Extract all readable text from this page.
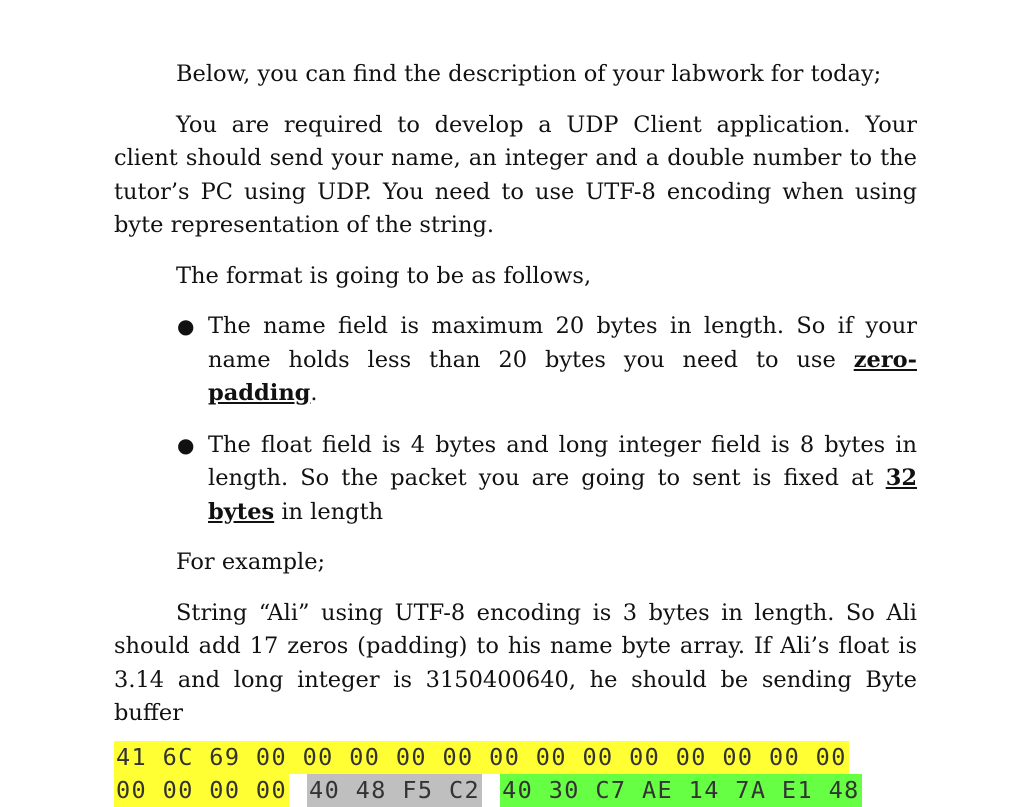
Below, you can find the description of your labwork for today;

You are required to develop a UDP Client application. Your client should send your name, an integer and a double number to the tutor’s PC using UDP. You need to use UTF-8 encoding when using byte representation of the string.

The format is going to be as follows,

● The name field is maximum 20 bytes in length. So if your name holds less than 20 bytes you need to use zero-padding.
● The float field is 4 bytes and long integer field is 8 bytes in length. So the packet you are going to sent is fixed at 32 bytes in length

For example;

String “Ali” using UTF-8 encoding is 3 bytes in length. So Ali should add 17 zeros (padding) to his name byte array. If Ali’s float is 3.14 and long integer is 3150400640, he should be sending Byte buffer

41 6C 69 00 00 00 00 00 00 00 00 00 00 00 00 00
00 00 00 00 40 48 F5 C2 40 30 C7 AE 14 7A E1 48
